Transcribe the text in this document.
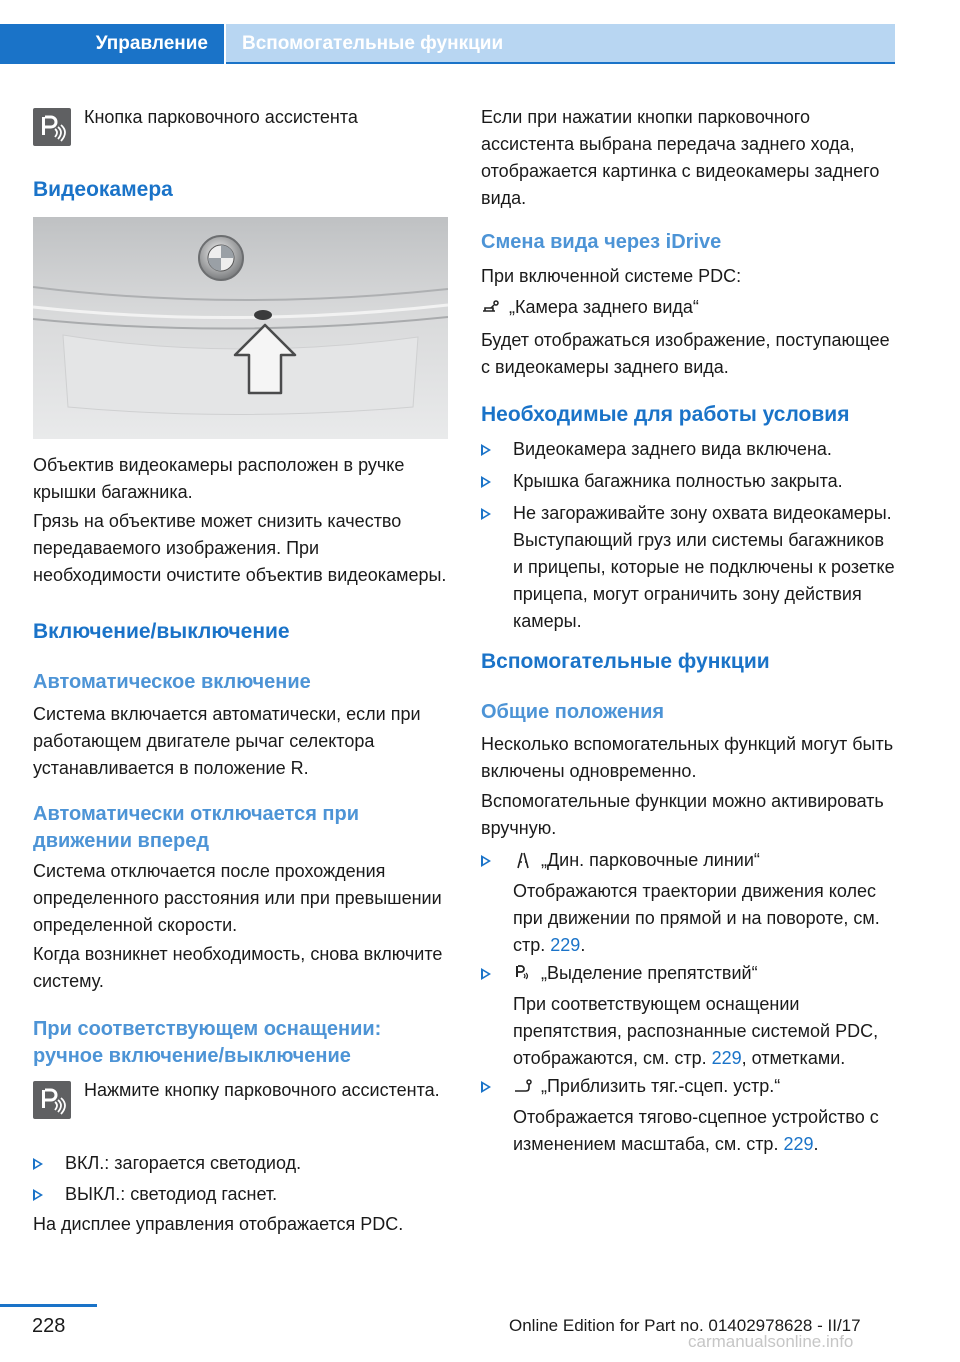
Управление	Вспомогательные функции

Кнопка парковочного ассистента

Видеокамера

Объектив видеокамеры расположен в ручке крышки багажника.

Грязь на объективе может снизить качество передаваемого изображения. При необходимости очистите объектив видеокамеры.

Включение/выключение
Автоматическое включение

Система включается автоматически, если при работающем двигателе рычаг селектора устанавливается в положение R.

Автоматически отключается при движении вперед

Система отключается после прохождения определенного расстояния или при превышении определенной скорости.

Когда возникнет необходимость, снова включите систему.

При соответствующем оснащении: ручное включение/выключение

Нажмите кнопку парковочного ассистента.

ВКЛ.: загорается светодиод.

ВЫКЛ.: светодиод гаснет.

На дисплее управления отображается PDC.

Если при нажатии кнопки парковочного ассистента выбрана передача заднего хода, отображается картинка с видеокамеры заднего вида.

Смена вида через iDrive

При включенной системе PDC:

„Камера заднего вида“

Будет отображаться изображение, поступающее с видеокамеры заднего вида.

Необходимые для работы условия

Видеокамера заднего вида включена.

Крышка багажника полностью закрыта.

Не загораживайте зону охвата видеокамеры. Выступающий груз или системы багажников и прицепы, которые не подключены к розетке прицепа, могут ограничить зону действия камеры.

Вспомогательные функции
Общие положения

Несколько вспомогательных функций могут быть включены одновременно.

Вспомогательные функции можно активировать вручную.

„Дин. парковочные линии“

Отображаются траектории движения колес при движении по прямой и на повороте, см. стр. 229.

„Выделение препятствий“

При соответствующем оснащении препятствия, распознанные системой PDC, отображаются, см. стр. 229, отметками.

„Приблизить тяг.-сцеп. устр.“

Отображается тягово-сцепное устройство с изменением масштаба, см. стр. 229.

228	Online Edition for Part no. 01402978628 - II/17
carmanualsonline.info
